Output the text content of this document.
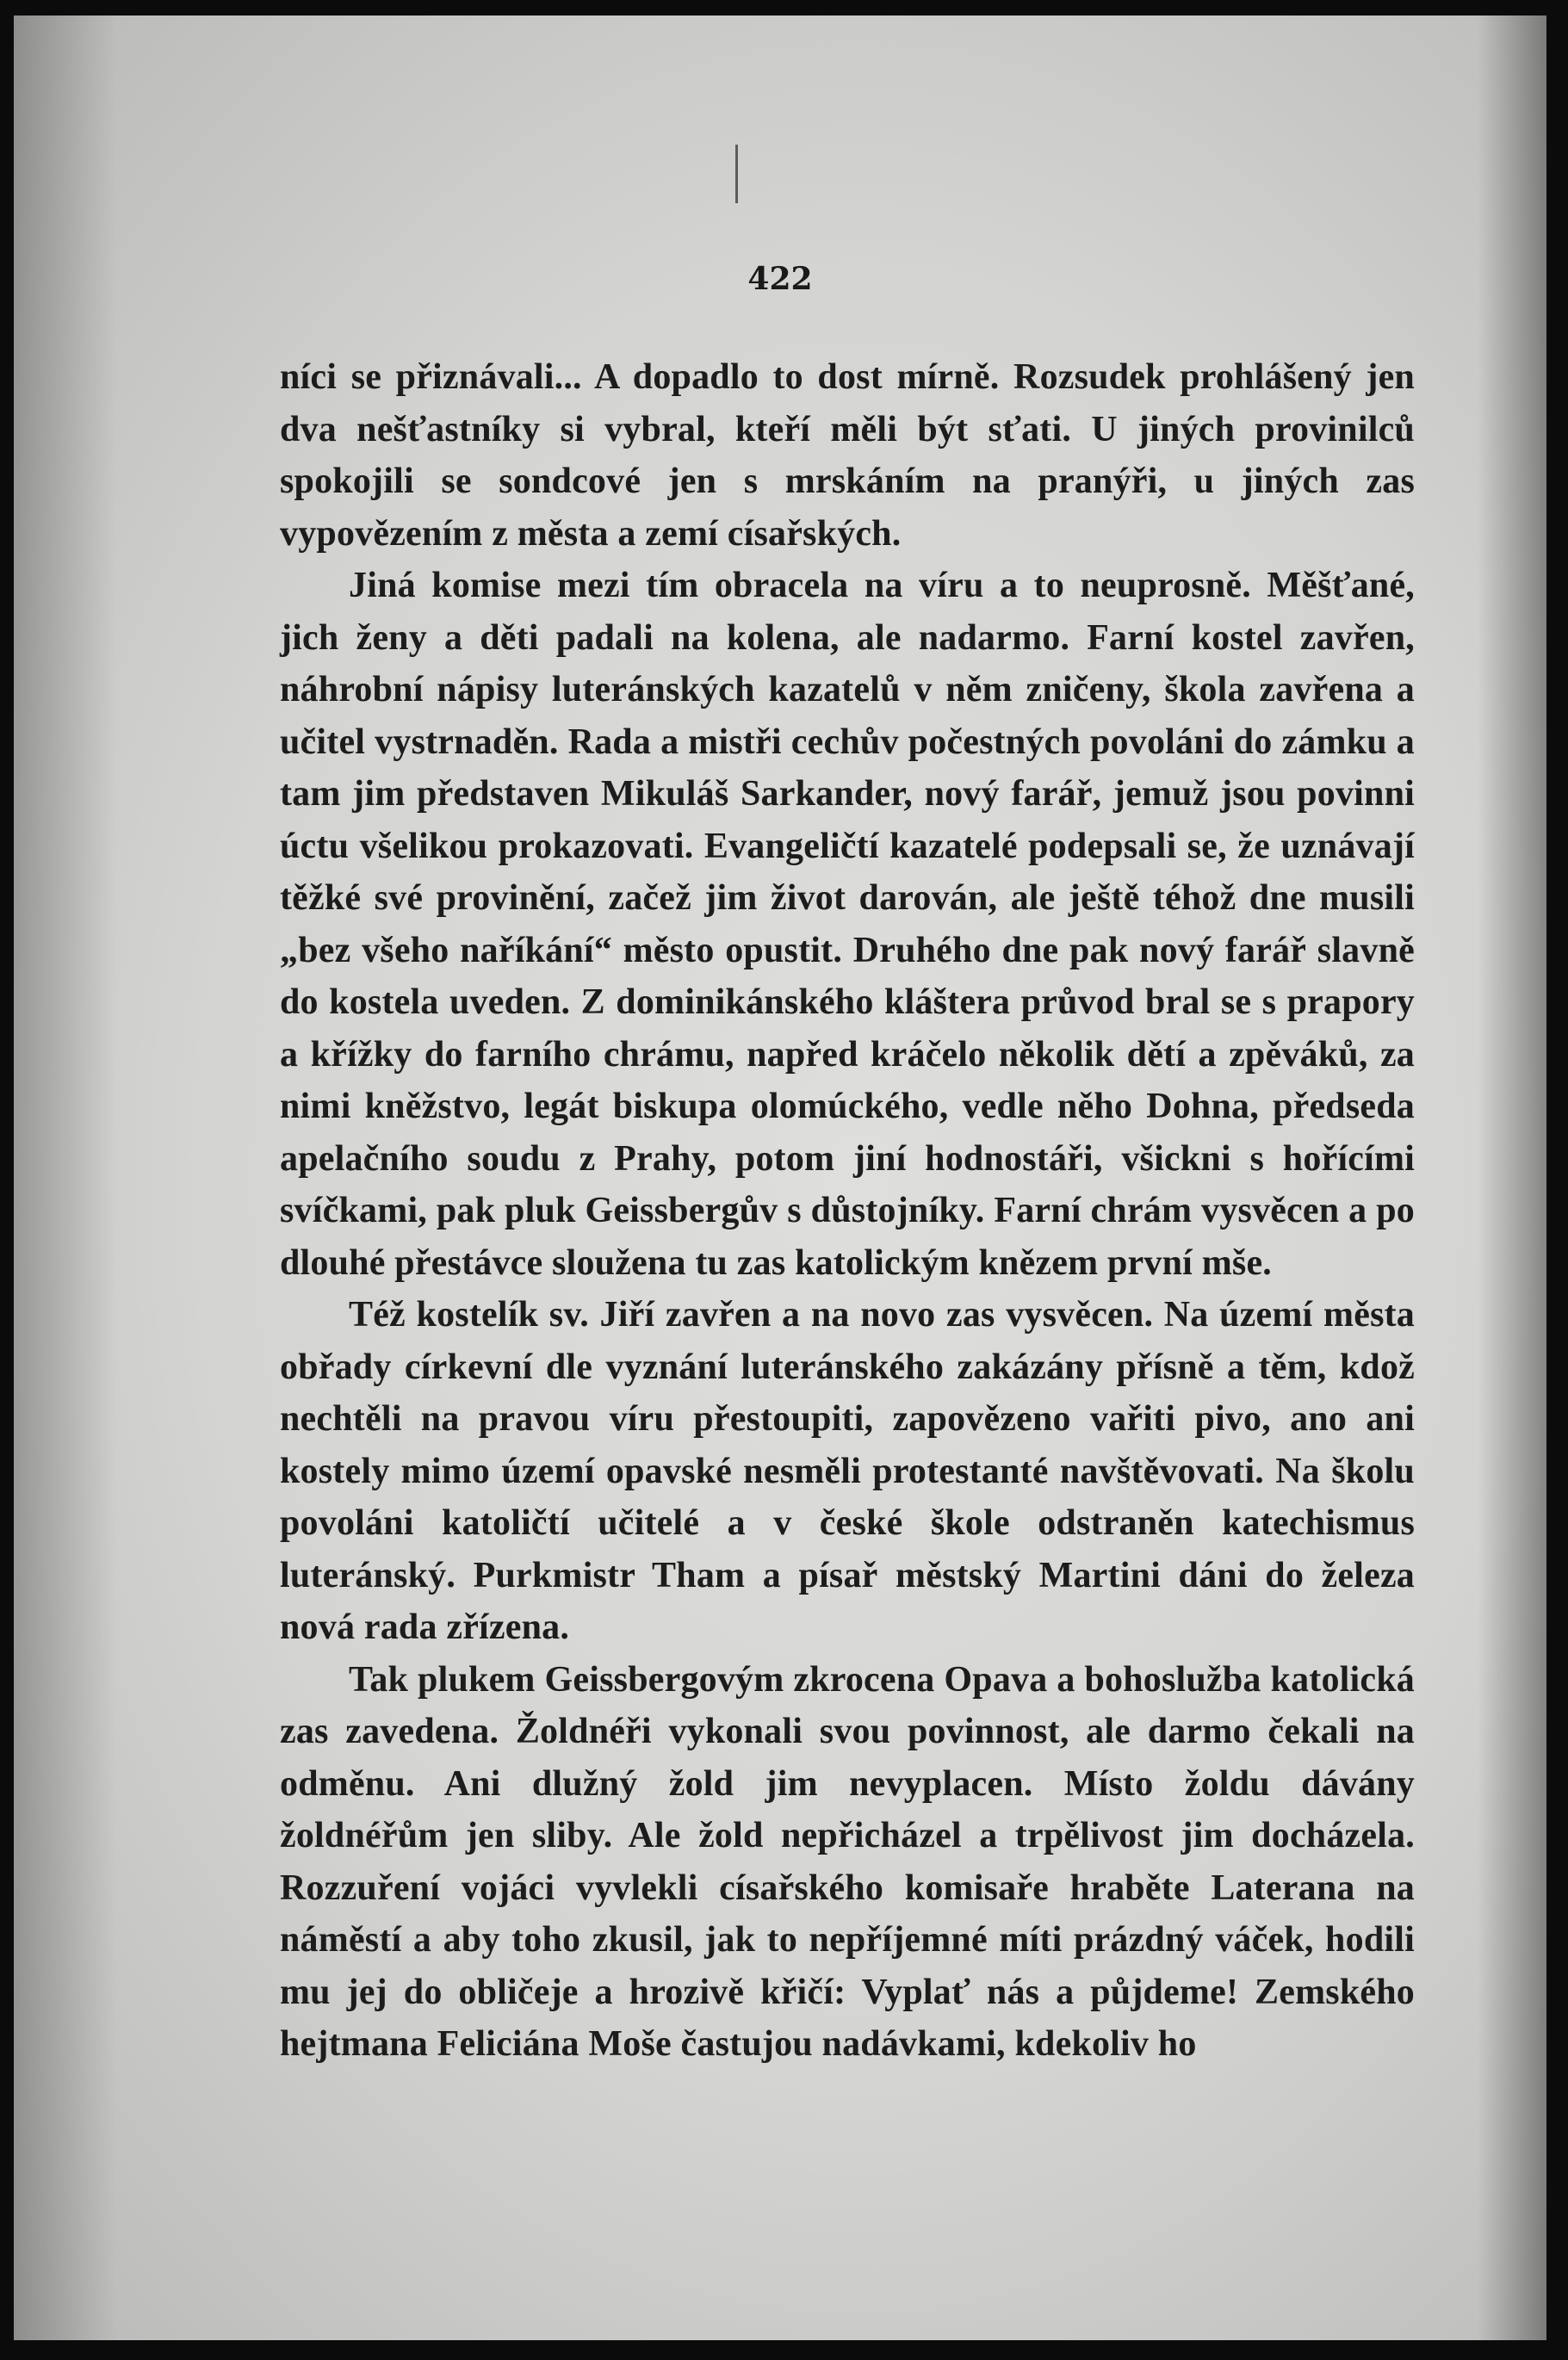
422

níci se přiznávali... A dopadlo to dost mírně. Rozsudek prohlášený jen dva nešťastníky si vybral, kteří měli být sťati. U jiných provinilců spokojili se sondcové jen s mrskáním na pranýři, u jiných zas vypovězením z města a zemí císařských.

Jiná komise mezi tím obracela na víru a to neuprosně. Měšťané, jich ženy a děti padali na kolena, ale nadarmo. Farní kostel zavřen, náhrobní nápisy luteránských kazatelů v něm zničeny, škola zavřena a učitel vystrnaděn. Rada a mistři cechův počestných povoláni do zámku a tam jim představen Mikuláš Sarkander, nový farář, jemuž jsou povinni úctu všelikou prokazovati. Evangeličtí kazatelé podepsali se, že uznávají těžké své provinění, začež jim život darován, ale ještě téhož dne musili „bez všeho naříkání“ město opustit. Druhého dne pak nový farář slavně do kostela uveden. Z dominikánského kláštera průvod bral se s prapory a křížky do farního chrámu, napřed kráčelo několik dětí a zpěváků, za nimi kněžstvo, legát biskupa olomúckého, vedle něho Dohna, předseda apelačního soudu z Prahy, potom jiní hodnostáři, všickni s hořícími svíčkami, pak pluk Geissbergův s důstojníky. Farní chrám vysvěcen a po dlouhé přestávce sloužena tu zas katolickým knězem první mše.

Též kostelík sv. Jiří zavřen a na novo zas vysvěcen. Na území města obřady církevní dle vyznání luteránského zakázány přísně a těm, kdož nechtěli na pravou víru přestoupiti, zapovězeno vařiti pivo, ano ani kostely mimo území opavské nesměli protestanté navštěvovati. Na školu povoláni katoličtí učitelé a v české škole odstraněn katechismus luteránský. Purkmistr Tham a písař městský Martini dáni do železa nová rada zřízena.

Tak plukem Geissbergovým zkrocena Opava a bohoslužba katolická zas zavedena. Žoldnéři vykonali svou povinnost, ale darmo čekali na odměnu. Ani dlužný žold jim nevyplacen. Místo žoldu dávány žoldnéřům jen sliby. Ale žold nepřicházel a trpělivost jim docházela. Rozzuření vojáci vyvlekli císařského komisaře hraběte Laterana na náměstí a aby toho zkusil, jak to nepříjemné míti prázdný váček, hodili mu jej do obličeje a hrozivě křičí: Vyplať nás a půjdeme! Zemského hejtmana Feliciána Moše častujou nadávkami, kdekoliv ho
